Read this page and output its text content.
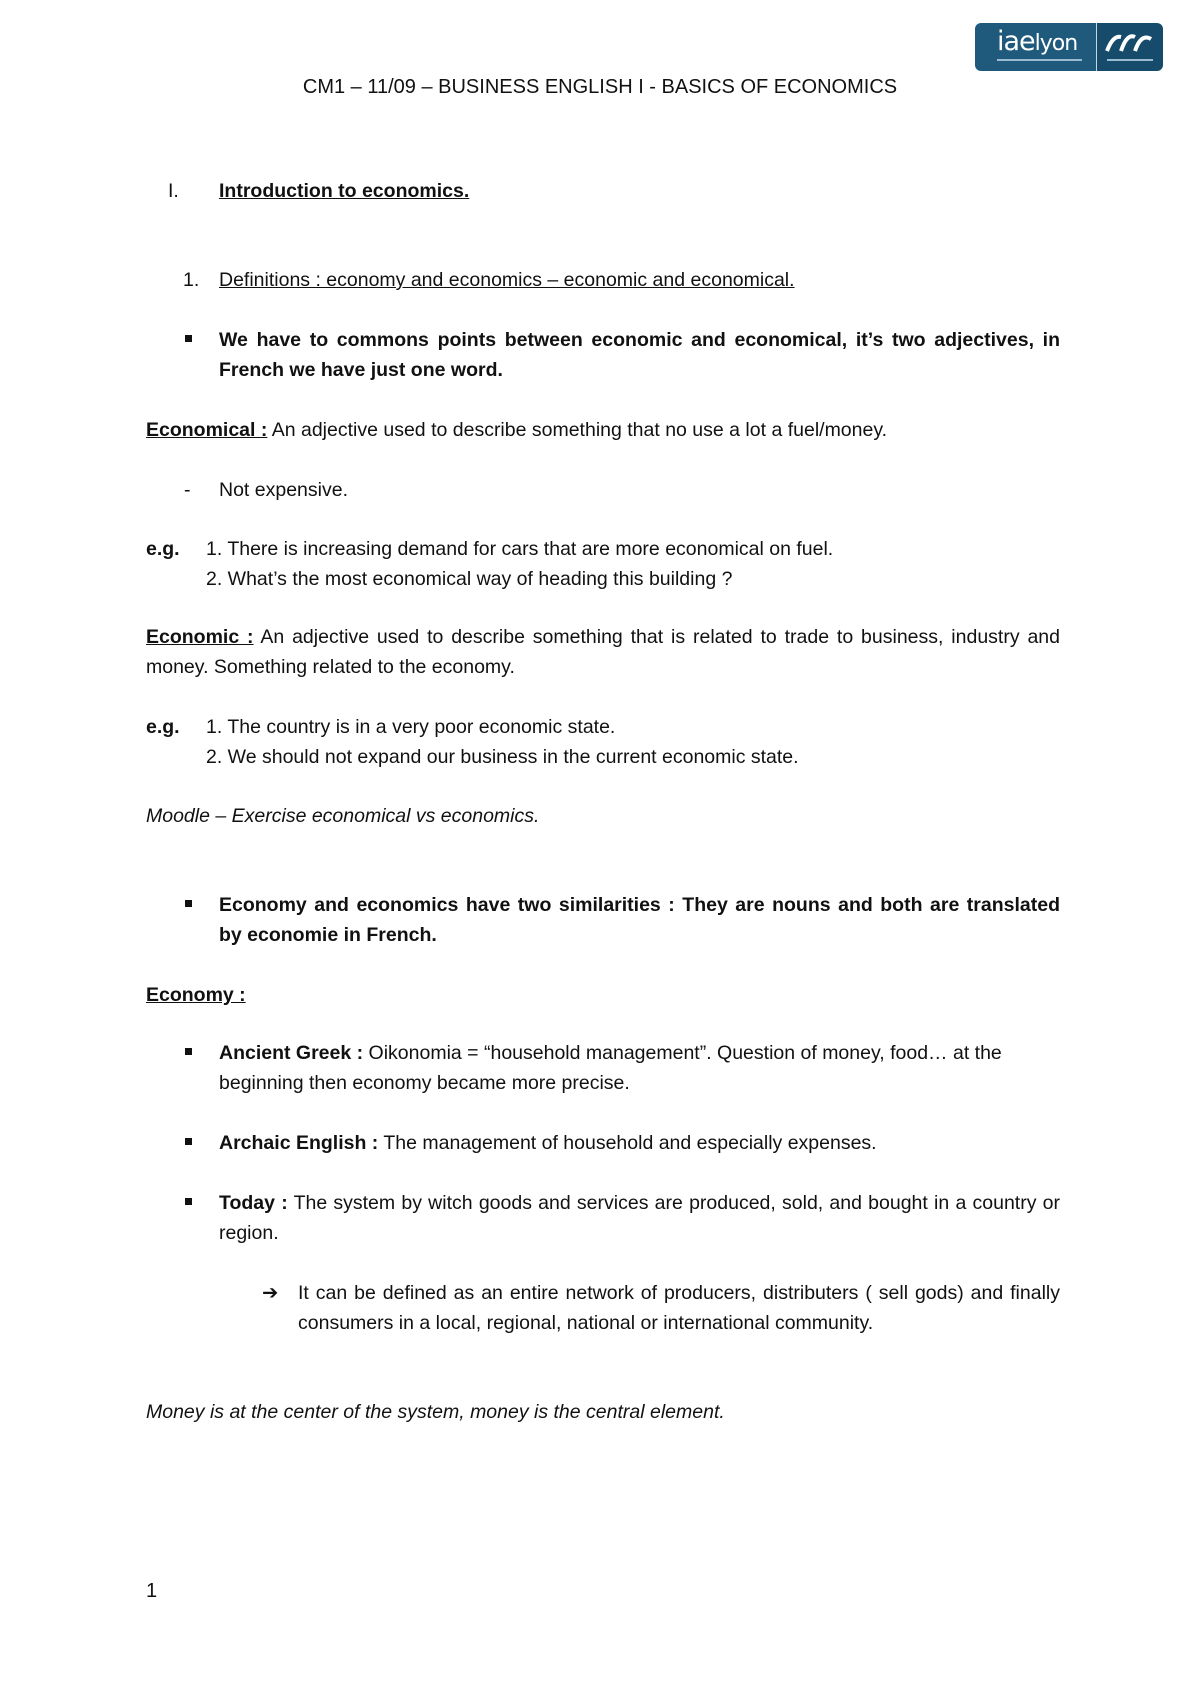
iaelyon
CM1 – 11/09 – BUSINESS ENGLISH I - BASICS OF ECONOMICS
I. Introduction to economics.
1. Definitions : economy and economics – economic and economical.

We have to commons points between economic and economical, it’s two adjectives, in French we have just one word.

Economical : An adjective used to describe something that no use a lot a fuel/money.

- Not expensive.
e.g. 1. There is increasing demand for cars that are more economical on fuel.
2. What’s the most economical way of heading this building ?

Economic : An adjective used to describe something that is related to trade to business, industry and money. Something related to the economy.

e.g. 1. The country is in a very poor economic state.
2. We should not expand our business in the current economic state.
Moodle – Exercise economical vs economics.

Economy and economics have two similarities : They are nouns and both are translated by economie in French.

Economy :

Ancient Greek : Oikonomia = “household management”. Question of money, food… at the beginning then economy became more precise.

Archaic English : The management of household and especially expenses.

Today : The system by witch goods and services are produced, sold, and bought in a country or region.

➔ It can be defined as an entire network of producers, distributers ( sell gods) and finally consumers in a local, regional, national or international community.

Money is at the center of the system, money is the central element.
1
